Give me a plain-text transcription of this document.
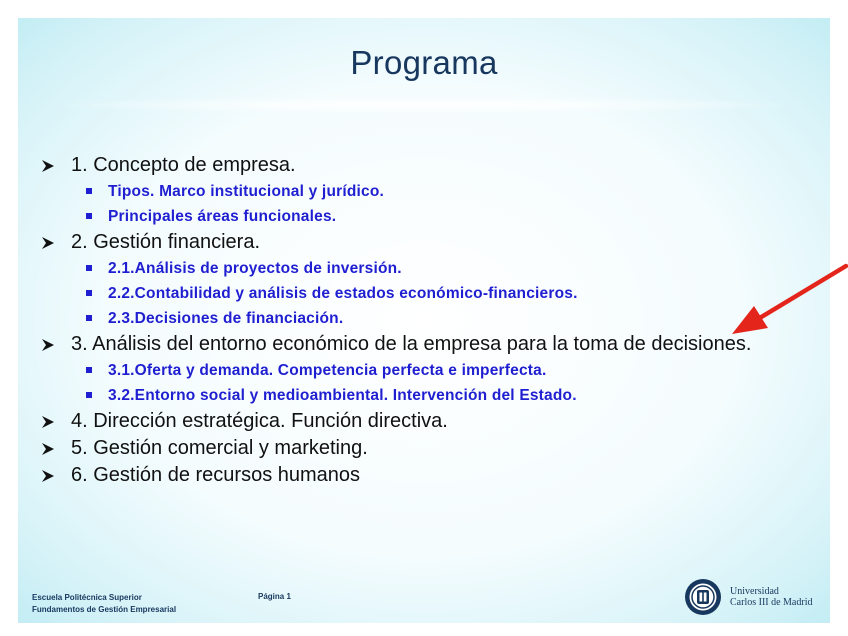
Programa
1. Concepto de empresa.
Tipos. Marco institucional y jurídico.
Principales áreas funcionales.
2. Gestión financiera.
2.1.Análisis de proyectos de inversión.
2.2.Contabilidad y análisis de estados económico-financieros.
2.3.Decisiones de financiación.
3. Análisis del entorno económico de la empresa para la toma de decisiones.
3.1.Oferta y demanda. Competencia perfecta e imperfecta.
3.2.Entorno social y medioambiental. Intervención del Estado.
4. Dirección estratégica. Función directiva.
5. Gestión comercial y marketing.
6. Gestión de recursos humanos
Escuela Politécnica Superior
Fundamentos de Gestión Empresarial
Página 1	Universidad
Carlos III de Madrid
